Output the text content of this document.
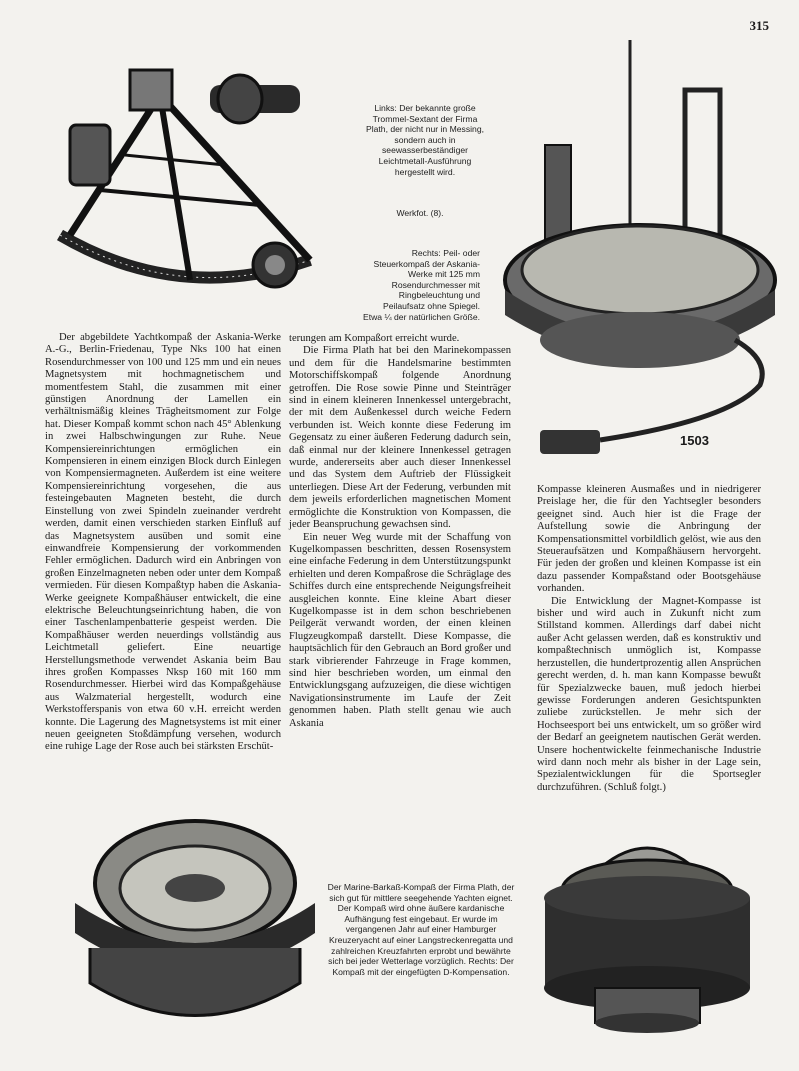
315
Links: Der bekannte große Trommel-Sextant der Firma Plath, der nicht nur in Messing, sondern auch in seewasserbeständiger Leichtmetall-Ausführung hergestellt wird.
Werkfot. (8).
Rechts: Peil- oder Steuerkompaß der Askania-Werke mit 125 mm Rosendurchmesser mit Ringbeleuchtung und Peilaufsatz ohne Spiegel. Etwa ¼ der natürlichen Größe.
1503

Der abgebildete Yachtkompaß der Askania-Werke A.-G., Berlin-Friedenau, Type Nks 100 hat einen Rosendurchmesser von 100 und 125 mm und ein neues Magnetsystem mit hochmagnetischem und momentfestem Stahl, die zusammen mit einer günstigen Anordnung der Lamellen ein verhältnismäßig kleines Trägheitsmoment zur Folge hat. Dieser Kompaß kommt schon nach 45° Ablenkung in zwei Halbschwingungen zur Ruhe. Neue Kompensiereinrichtungen ermöglichen ein Kompensieren in einem einzigen Block durch Einlegen von Kompensiermagneten. Außerdem ist eine weitere Kompensiereinrichtung vorgesehen, die aus festeingebauten Magneten besteht, die durch Einstellung von zwei Spindeln zueinander verdreht werden, damit einen verschieden starken Einfluß auf das Magnetsystem ausüben und somit eine einwandfreie Kompensierung der vorkommenden Fehler ermöglichen. Dadurch wird ein Anbringen von großen Einzelmagneten neben oder unter dem Kompaß vermieden. Für diesen Kompaßtyp haben die Askania-Werke geeignete Kompaßhäuser entwickelt, die eine elektrische Beleuchtungseinrichtung haben, die von einer Taschenlampenbatterie gespeist werden. Die Kompaßhäuser werden neuerdings vollständig aus Leichtmetall geliefert. Eine neuartige Herstellungsmethode verwendet Askania beim Bau ihres großen Kompasses Nksp 160 mit 160 mm Rosendurchmesser. Hierbei wird das Kompaßgehäuse aus Walzmaterial hergestellt, wodurch eine Werkstofferspanis von etwa 60 v.H. erreicht werden konnte. Die Lagerung des Magnetsystems ist mit einer neuen geeigneten Stoßdämpfung versehen, wodurch eine ruhige Lage der Rose auch bei stärksten Erschüt-

terungen am Kompaßort erreicht wurde.

Die Firma Plath hat bei den Marinekompassen und dem für die Handelsmarine bestimmten Motorschiffskompaß folgende Anordnung getroffen. Die Rose sowie Pinne und Steinträger sind in einem kleineren Innenkessel untergebracht, der mit dem Außenkessel durch weiche Federn verbunden ist. Weich konnte diese Federung im Gegensatz zu einer äußeren Federung dadurch sein, daß einmal nur der kleinere Innenkessel getragen wurde, andererseits aber auch dieser Innenkessel und das System dem Auftrieb der Flüssigkeit unterliegen. Diese Art der Federung, verbunden mit dem jeweils erforderlichen magnetischen Moment ermöglichte die Konstruktion von Kompassen, die jeder Beanspruchung gewachsen sind.

Ein neuer Weg wurde mit der Schaffung von Kugelkompassen beschritten, dessen Rosensystem eine einfache Federung in dem Unterstützungspunkt erhielten und deren Kompaßrose die Schräglage des Schiffes durch eine entsprechende Neigungsfreiheit ausgleichen konnte. Eine kleine Abart dieser Kugelkompasse ist in dem schon beschriebenen Peilgerät verwandt worden, der einen kleinen Flugzeugkompaß darstellt. Diese Kompasse, die hauptsächlich für den Gebrauch an Bord großer und stark vibrierender Fahrzeuge in Frage kommen, sind hier beschrieben worden, um einmal den Entwicklungsgang aufzuzeigen, die diese wichtigen Navigationsinstrumente im Laufe der Zeit genommen haben. Plath stellt genau wie auch Askania

Kompasse kleineren Ausmaßes und in niedrigerer Preislage her, die für den Yachtsegler besonders geeignet sind. Auch hier ist die Frage der Aufstellung sowie die Anbringung der Kompensationsmittel vorbildlich gelöst, wie aus den Steueraufsätzen und Kompaßhäusern hervorgeht. Für jeden der großen und kleinen Kompasse ist ein dazu passender Kompaßstand oder Bootsgehäuse vorhanden.

Die Entwicklung der Magnet-Kompasse ist bisher und wird auch in Zukunft nicht zum Stillstand kommen. Allerdings darf dabei nicht außer Acht gelassen werden, daß es konstruktiv und kompaßtechnisch unmöglich ist, Kompasse herzustellen, die hundertprozentig allen Ansprüchen gerecht werden, d. h. man kann Kompasse bewußt für Spezialzwecke bauen, muß jedoch hierbei gewisse Forderungen anderen Gesichtspunkten zuliebe zurückstellen. Je mehr sich der Hochseesport bei uns entwickelt, um so größer wird der Bedarf an geeignetem nautischen Gerät werden. Unsere hochentwickelte feinmechanische Industrie wird dann noch mehr als bisher in der Lage sein, Spezialentwicklungen für die Sportsegler durchzuführen. (Schluß folgt.)

Der Marine-Barkaß-Kompaß der Firma Plath, der sich gut für mittlere seegehende Yachten eignet. Der Kompaß wird ohne äußere kardanische Aufhängung fest eingebaut. Er wurde im vergangenen Jahr auf einer Hamburger Kreuzeryacht auf einer Langstreckenregatta und zahlreichen Kreuzfahrten erprobt und bewährte sich bei jeder Wetterlage vorzüglich. Rechts: Der Kompaß mit der eingefügten D-Kompensation.
